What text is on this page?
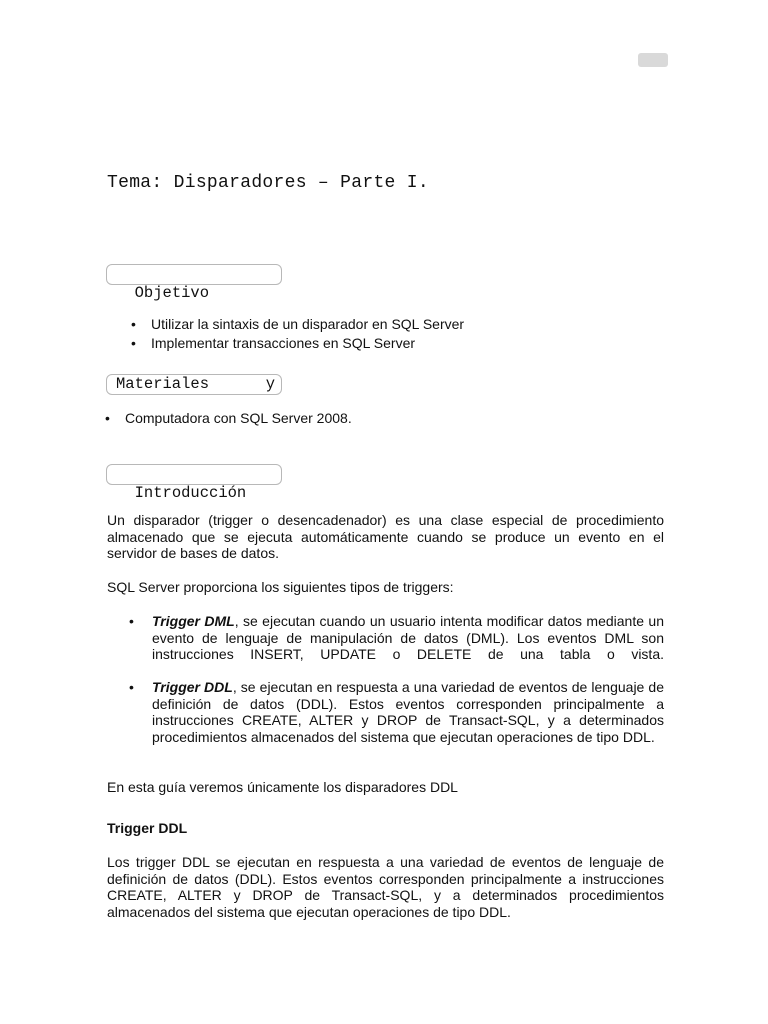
Tema: Disparadores – Parte I.

Objetivo

• Utilizar la sintaxis de un disparador en SQL Server
• Implementar transacciones en SQL Server

Materiales

	y

• Computadora con SQL Server 2008.

Introducción

Un disparador (trigger o desencadenador) es una clase especial de procedimiento almacenado que se ejecuta automáticamente cuando se produce un evento en el servidor de bases de datos.

SQL Server proporciona los siguientes tipos de triggers:

• Trigger DML, se ejecutan cuando un usuario intenta modificar datos mediante un evento de lenguaje de manipulación de datos (DML). Los eventos DML son instrucciones INSERT, UPDATE o DELETE de una tabla o vista.

• Trigger DDL, se ejecutan en respuesta a una variedad de eventos de lenguaje de definición de datos (DDL). Estos eventos corresponden principalmente a instrucciones CREATE, ALTER y DROP de Transact-SQL, y a determinados procedimientos almacenados del sistema que ejecutan operaciones de tipo DDL.

En esta guía veremos únicamente los disparadores DDL

Trigger DDL

Los trigger DDL se ejecutan en respuesta a una variedad de eventos de lenguaje de definición de datos (DDL). Estos eventos corresponden principalmente a instrucciones CREATE, ALTER y DROP de Transact-SQL, y a determinados procedimientos almacenados del sistema que ejecutan operaciones de tipo DDL.
